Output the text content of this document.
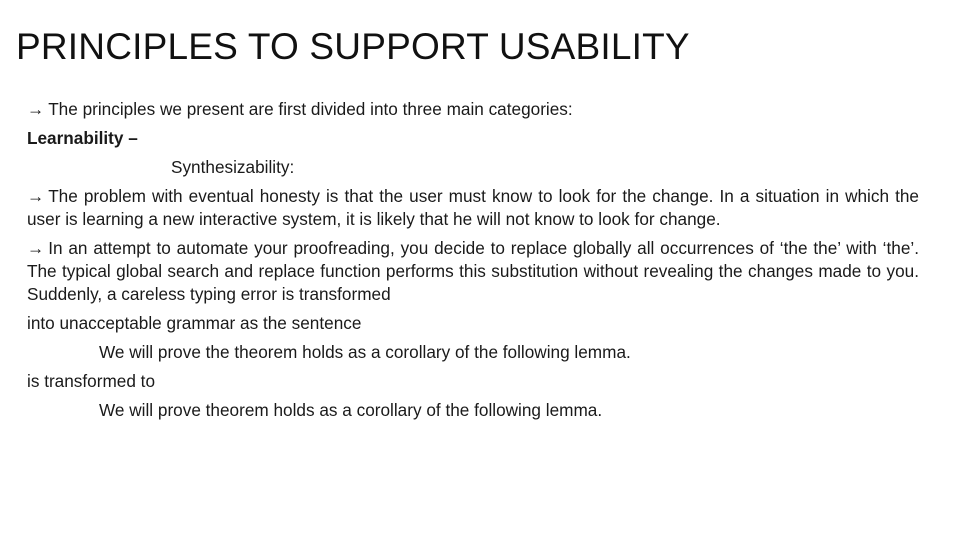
PRINCIPLES TO SUPPORT USABILITY

→ The principles we present are first divided into three main categories:

Learnability –

Synthesizability:

→ The problem with eventual honesty is that the user must know to look for the change. In a situation in which the user is learning a new interactive system, it is likely that he will not know to look for change.

→ In an attempt to automate your proofreading, you decide to replace globally all occurrences of ‘the the’ with ‘the’. The typical global search and replace function performs this substitution without revealing the changes made to you. Suddenly, a careless typing error is transformed

into unacceptable grammar as the sentence

We will prove the theorem holds as a corollary of the following lemma.

is transformed to

We will prove theorem holds as a corollary of the following lemma.
